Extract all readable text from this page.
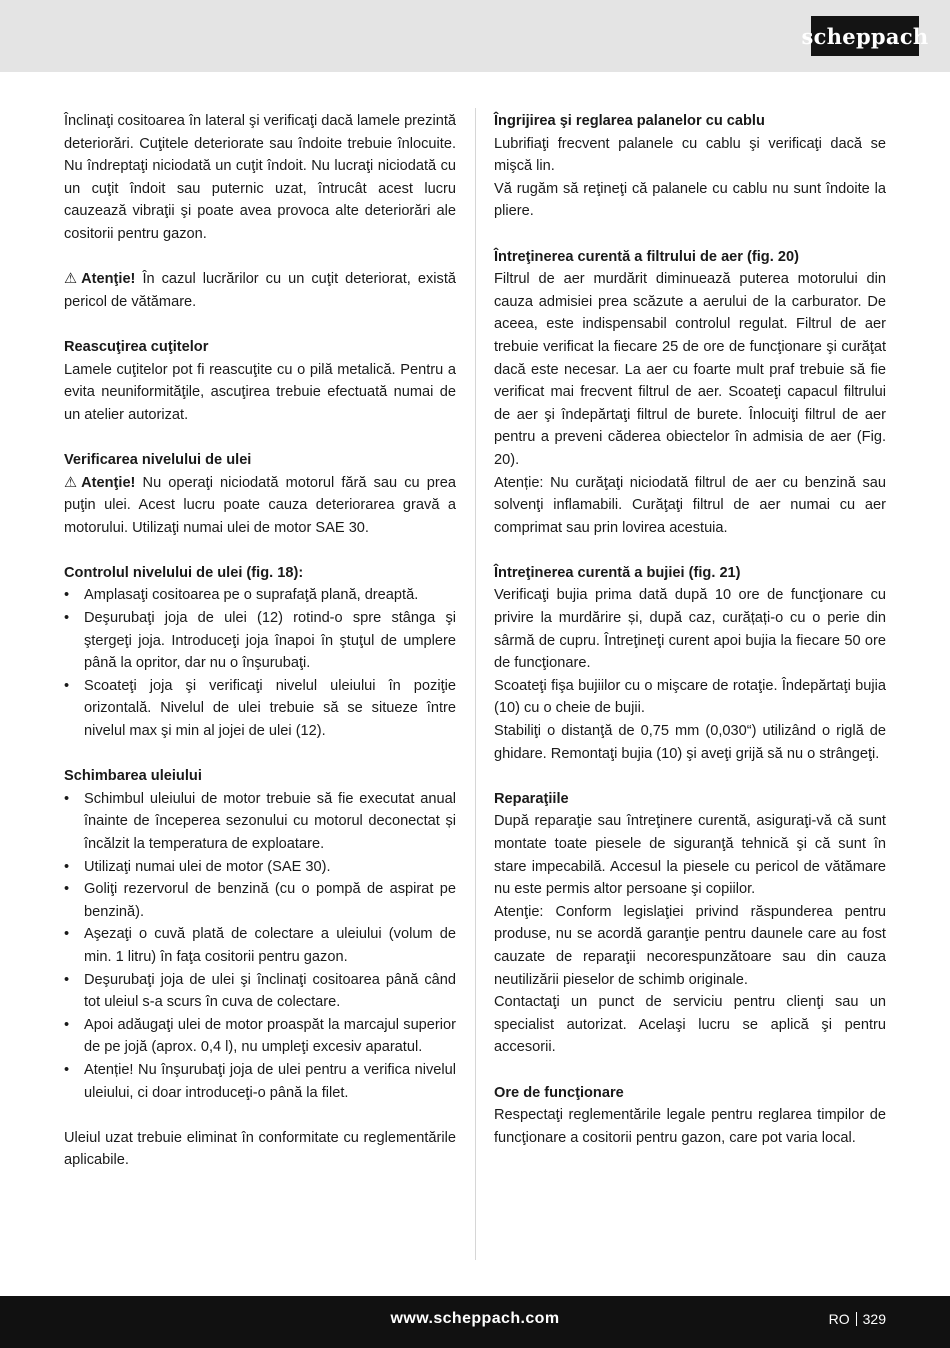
scheppach

Înclinaţi cositoarea în lateral şi verificaţi dacă lamele prezintă deteriorări. Cuţitele deteriorate sau îndoite trebuie înlocuite. Nu îndreptaţi niciodată un cuţit îndoit. Nu lucraţi niciodată cu un cuţit îndoit sau puternic uzat, întrucât acest lucru cauzează vibraţii şi poate avea provoca alte deteriorări ale cositorii pentru gazon.

⚠ Atenţie! În cazul lucrărilor cu un cuţit deteriorat, există pericol de vătămare.

Reascuţirea cuţitelor

Lamele cuţitelor pot fi reascuţite cu o pilă metalică. Pentru a evita neuniformităţile, ascuţirea trebuie efectuată numai de un atelier autorizat.

Verificarea nivelului de ulei

⚠ Atenţie! Nu operaţi niciodată motorul fără sau cu prea puţin ulei. Acest lucru poate cauza deteriorarea gravă a motorului. Utilizaţi numai ulei de motor SAE 30.

Controlul nivelului de ulei (fig. 18):

• Amplasaţi cositoarea pe o suprafaţă plană, dreaptă.
• Deşurubaţi joja de ulei (12) rotind-o spre stânga şi ştergeţi joja. Introduceţi joja înapoi în ştuţul de umplere până la opritor, dar nu o înşurubaţi.
• Scoateţi joja şi verificaţi nivelul uleiului în poziţie orizontală. Nivelul de ulei trebuie să se situeze între nivelul max şi min al jojei de ulei (12).

Schimbarea uleiului

• Schimbul uleiului de motor trebuie să fie executat anual înainte de începerea sezonului cu motorul deconectat și încălzit la temperatura de exploatare.
• Utilizaţi numai ulei de motor (SAE 30).
• Goliţi rezervorul de benzină (cu o pompă de aspirat pe benzină).
• Aşezaţi o cuvă plată de colectare a uleiului (volum de min. 1 litru) în faţa cositorii pentru gazon.
• Deşurubaţi joja de ulei şi înclinaţi cositoarea până când tot uleiul s-a scurs în cuva de colectare.
• Apoi adăugaţi ulei de motor proaspăt la marcajul superior de pe jojă (aprox. 0,4 l), nu umpleţi excesiv aparatul.
• Atenție! Nu înşurubaţi joja de ulei pentru a verifica nivelul uleiului, ci doar introduceţi-o până la filet.

Uleiul uzat trebuie eliminat în conformitate cu reglementările aplicabile.

Îngrijirea şi reglarea palanelor cu cablu

Lubrifiaţi frecvent palanele cu cablu şi verificaţi dacă se mişcă lin.

Vă rugăm să reţineţi că palanele cu cablu nu sunt îndoite la pliere.

Întreţinerea curentă a filtrului de aer (fig. 20)

Filtrul de aer murdărit diminuează puterea motorului din cauza admisiei prea scăzute a aerului de la carburator. De aceea, este indispensabil controlul regulat. Filtrul de aer trebuie verificat la fiecare 25 de ore de funcţionare şi curăţat dacă este necesar. La aer cu foarte mult praf trebuie să fie verificat mai frecvent filtrul de aer. Scoateţi capacul filtrului de aer şi îndepărtaţi filtrul de burete. Înlocuiţi filtrul de aer pentru a preveni căderea obiectelor în admisia de aer (Fig. 20).

Atenție: Nu curăţaţi niciodată filtrul de aer cu benzină sau solvenţi inflamabili. Curăţaţi filtrul de aer numai cu aer comprimat sau prin lovirea acestuia.

Întreţinerea curentă a bujiei (fig. 21)

Verificaţi bujia prima dată după 10 ore de funcţionare cu privire la murdărire și, după caz, curățați-o cu o perie din sârmă de cupru. Întreţineţi curent apoi bujia la fiecare 50 ore de funcţionare.

Scoateţi fişa bujiilor cu o mişcare de rotaţie. Îndepărtaţi bujia (10) cu o cheie de bujii.

Stabiliţi o distanţă de 0,75 mm (0,030“) utilizând o riglă de ghidare. Remontaţi bujia (10) şi aveţi grijă să nu o strângeţi.

Reparaţiile

După reparaţie sau întreţinere curentă, asiguraţi-vă că sunt montate toate piesele de siguranţă tehnică şi că sunt în stare impecabilă. Accesul la piesele cu pericol de vătămare nu este permis altor persoane şi copiilor.

Atenţie: Conform legislaţiei privind răspunderea pentru produse, nu se acordă garanţie pentru daunele care au fost cauzate de reparaţii necorespunzătoare sau din cauza neutilizării pieselor de schimb originale.

Contactaţi un punct de serviciu pentru clienţi sau un specialist autorizat. Acelaşi lucru se aplică şi pentru accesorii.

Ore de funcţionare

Respectaţi reglementările legale pentru reglarea timpilor de funcţionare a cositorii pentru gazon, care pot varia local.

www.scheppach.com	RO 329
